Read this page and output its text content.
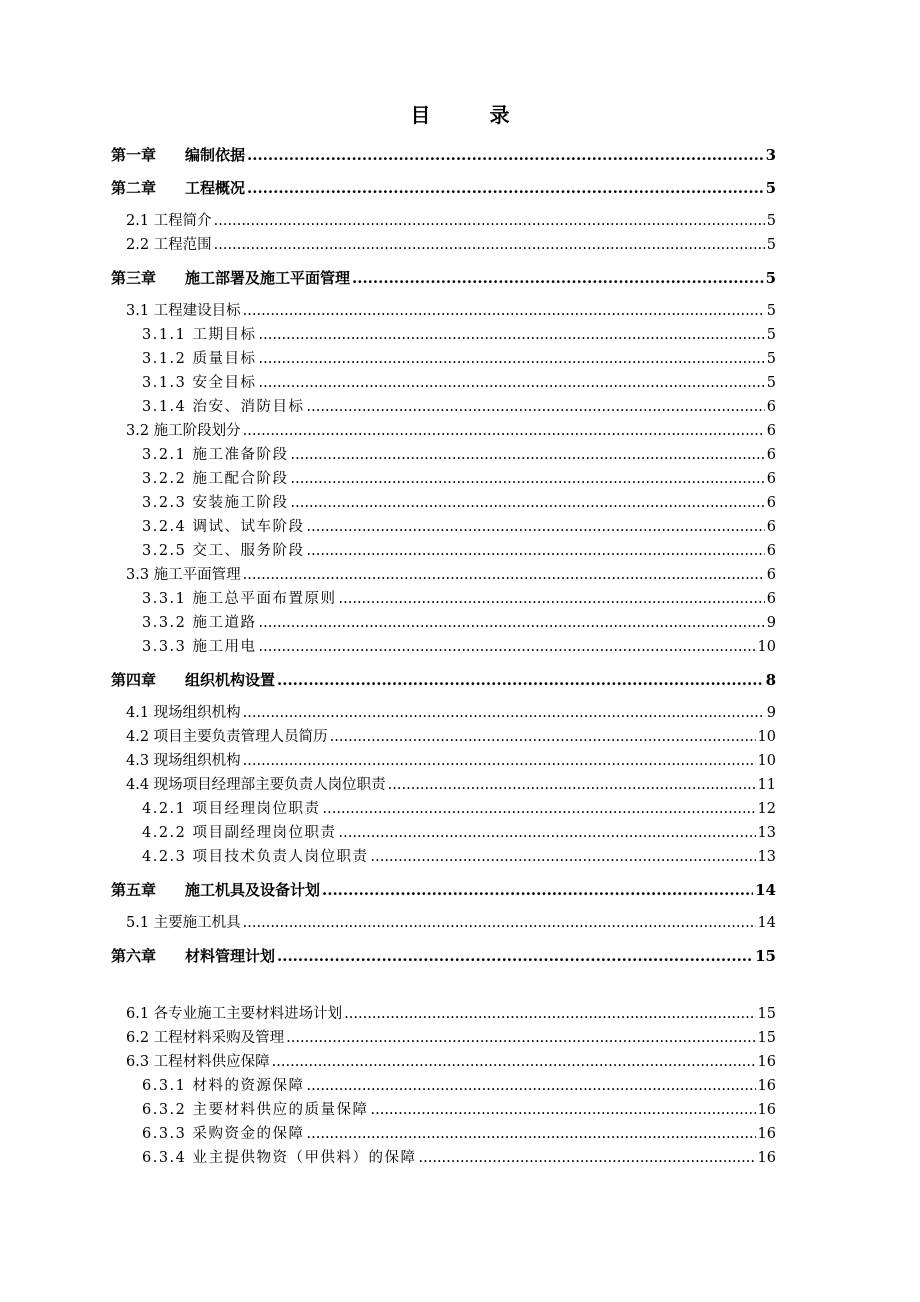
目 录
第一章 编制依据 .....	3
第二章 工程概况 .....	5
2.1 工程简介 .....	5
2.2 工程范围 .....	5
第三章 施工部署及施工平面管理 .....	5
3.1 工程建设目标 .....	5
3.1.1 工期目标 .....	5
3.1.2 质量目标 .....	5
3.1.3 安全目标 .....	5
3.1.4 治安、消防目标 .....	6
3.2 施工阶段划分 .....	6
3.2.1 施工准备阶段 .....	6
3.2.2 施工配合阶段 .....	6
3.2.3 安装施工阶段 .....	6
3.2.4 调试、试车阶段 .....	6
3.2.5 交工、服务阶段 .....	6
3.3 施工平面管理 .....	6
3.3.1 施工总平面布置原则 .....	6
3.3.2 施工道路 .....	9
3.3.3 施工用电 .....	10
第四章 组织机构设置 .....	8
4.1 现场组织机构 .....	9
4.2 项目主要负责管理人员简历 .....	10
4.3 现场组织机构 .....	10
4.4 现场项目经理部主要负责人岗位职责 .....	11
4.2.1 项目经理岗位职责 .....	12
4.2.2 项目副经理岗位职责 .....	13
4.2.3 项目技术负责人岗位职责 .....	13
第五章 施工机具及设备计划 .....	14
5.1 主要施工机具 .....	14
第六章 材料管理计划 .....	15
6.1 各专业施工主要材料进场计划 .....	15
6.2 工程材料采购及管理 .....	15
6.3 工程材料供应保障 .....	16
6.3.1 材料的资源保障 .....	16
6.3.2 主要材料供应的质量保障 .....	16
6.3.3 采购资金的保障 .....	16
6.3.4 业主提供物资（甲供料）的保障 .....	16
